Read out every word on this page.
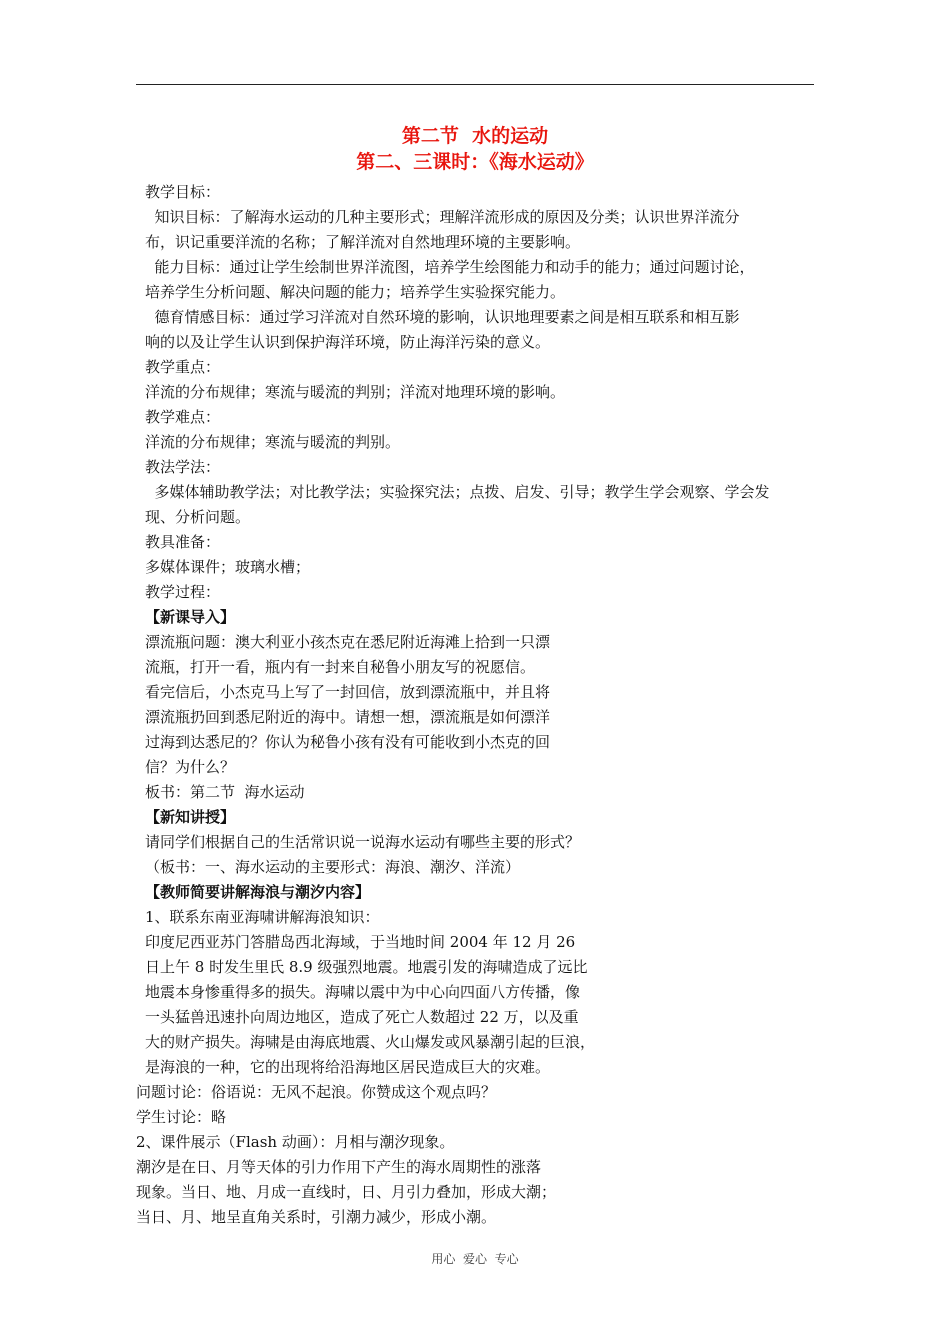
第二节  水的运动
第二、三课时：《海水运动》
教学目标：
知识目标：了解海水运动的几种主要形式；理解洋流形成的原因及分类；认识世界洋流分
布，识记重要洋流的名称；了解洋流对自然地理环境的主要影响。
能力目标：通过让学生绘制世界洋流图，培养学生绘图能力和动手的能力；通过问题讨论，
培养学生分析问题、解决问题的能力；培养学生实验探究能力。
德育情感目标：通过学习洋流对自然环境的影响，认识地理要素之间是相互联系和相互影
响的以及让学生认识到保护海洋环境，防止海洋污染的意义。
教学重点：
洋流的分布规律；寒流与暖流的判别；洋流对地理环境的影响。
教学难点：
洋流的分布规律；寒流与暖流的判别。
教法学法：
多媒体辅助教学法；对比教学法；实验探究法；点拨、启发、引导；教学生学会观察、学会发
现、分析问题。
教具准备：
多媒体课件；玻璃水槽；
教学过程：
【新课导入】
漂流瓶问题：澳大利亚小孩杰克在悉尼附近海滩上拾到一只漂
流瓶，打开一看，瓶内有一封来自秘鲁小朋友写的祝愿信。
看完信后，小杰克马上写了一封回信，放到漂流瓶中，并且将
漂流瓶扔回到悉尼附近的海中。请想一想，漂流瓶是如何漂洋
过海到达悉尼的？你认为秘鲁小孩有没有可能收到小杰克的回
信？为什么？
板书：第二节  海水运动
【新知讲授】
请同学们根据自己的生活常识说一说海水运动有哪些主要的形式？
（板书：一、海水运动的主要形式：海浪、潮汐、洋流）
【教师简要讲解海浪与潮汐内容】
1、联系东南亚海啸讲解海浪知识：
印度尼西亚苏门答腊岛西北海域，于当地时间 2004 年 12 月 26
日上午 8 时发生里氏 8.9 级强烈地震。地震引发的海啸造成了远比
地震本身惨重得多的损失。海啸以震中为中心向四面八方传播，像
一头猛兽迅速扑向周边地区，造成了死亡人数超过 22 万，以及重
大的财产损失。海啸是由海底地震、火山爆发或风暴潮引起的巨浪，
是海浪的一种，它的出现将给沿海地区居民造成巨大的灾难。
问题讨论：俗语说：无风不起浪。你赞成这个观点吗？
学生讨论：略
2、课件展示（Flash 动画）：月相与潮汐现象。
潮汐是在日、月等天体的引力作用下产生的海水周期性的涨落
现象。当日、地、月成一直线时，日、月引力叠加，形成大潮；
当日、月、地呈直角关系时，引潮力减少，形成小潮。
用心  爱心  专心
